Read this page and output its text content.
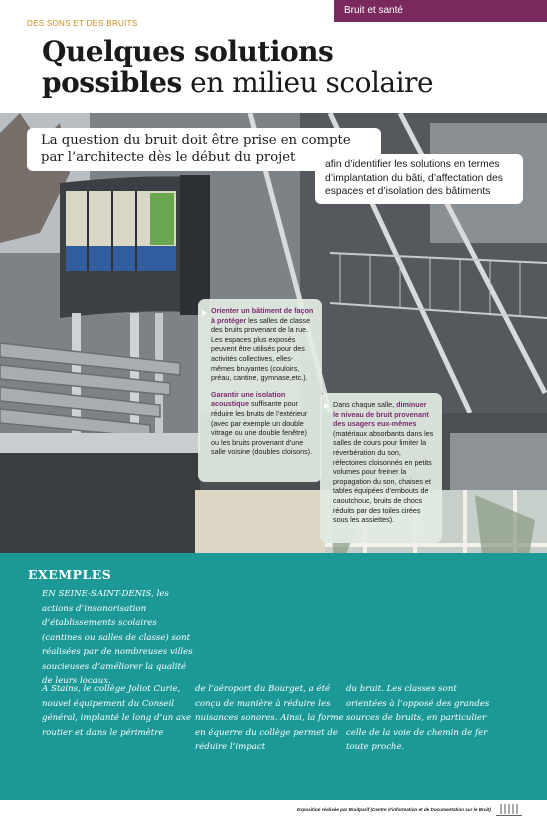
Bruit et santé
DES SONS ET DES BRUITS
Quelques solutions
possibles en milieu scolaire
La question du bruit doit être prise en compte
par l’architecte dès le début du projet	afin d’identifier les solutions en termes d’implantation du bâti, d’affectation des espaces et d’isolation des bâtiments

Orienter un bâtiment de façon à protéger les salles de classe des bruits provenant de la rue. Les espaces plus exposés peuvent être utilisés pour des activités collectives, elles-mêmes bruyantes (couloirs, préau, cantine, gymnase,etc.).

Garantir une isolation acoustique suffisante pour réduire les bruits de l’extérieur (avec par exemple un double vitrage ou une double fenêtre) ou les bruits provenant d’une salle voisine (doubles cloisons).

Dans chaque salle, diminuer le niveau de bruit provenant des usagers eux-mêmes (matériaux absorbants dans les salles de cours pour limiter la réverbération du son, réfectoires cloisonnés en petits volumes pour freiner la propagation du son, chaises et tables équipées d’embouts de caoutchouc, bruits de chocs réduits par des toiles cirées sous les assiettes).

EXEMPLES

EN SEINE-SAINT-DENIS, les actions d’insonorisation d’établissements scolaires (cantines ou salles de classe) sont réalisées par de nombreuses villes soucieuses d’améliorer la qualité de leurs locaux.

A Stains, le collège Joliot Curie, nouvel équipement du Conseil général, implanté le long d’un axe routier et dans le périmètre

de l’aéroport du Bourget, a été conçu de manière à réduire les nuisances sonores. Ainsi, la forme en équerre du collège permet de réduire l’impact

du bruit. Les classes sont orientées à l’opposé des grandes sources de bruits, en particulier celle de la voie de chemin de fer toute proche.

Exposition réalisée par Bruitparif (Centre d’information et de Documentation sur le Bruit)
